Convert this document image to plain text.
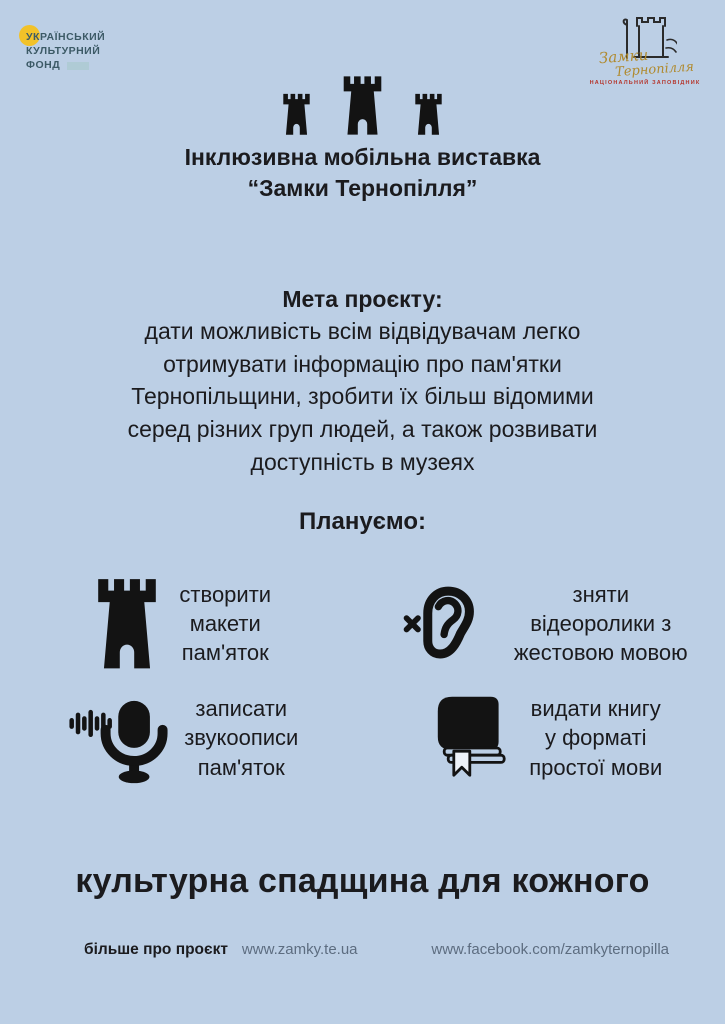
УКРАЇНСЬКИЙ
КУЛЬТУРНИЙ
ФОНД	Замки
Тернопілля
НАЦІОНАЛЬНИЙ ЗАПОВІДНИК
Інклюзивна мобільна виставка
“Замки Тернопілля”
Мета проєкту:
дати можливість всім відвідувачам легко
отримувати інформацію про пам'ятки
Тернопільщини, зробити їх більш відомими
серед різних груп людей, а також розвивати
доступність в музеях
Плануємо:
створити
макети
пам'яток
зняти
відеоролики з
жестовою мовою
записати
звукоописи
пам'яток
видати книгу
у форматі
простої мови
культурна спадщина для кожного
більше про проєкт www.zamky.te.ua	www.facebook.com/zamkyternopilla
